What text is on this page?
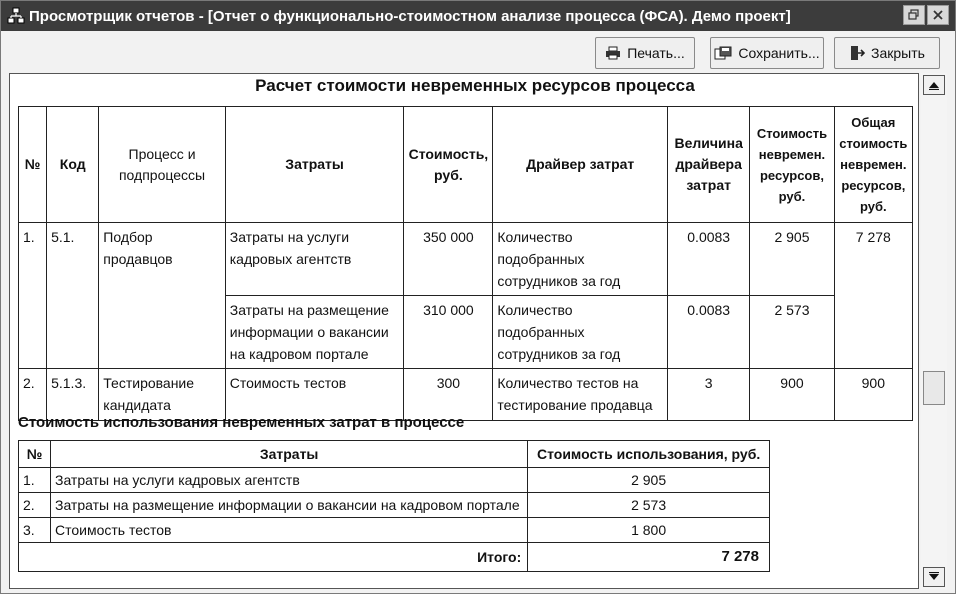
Просмотрщик отчетов - [Отчет о функционально-стоимостном анализе процесса (ФСА). Демо проект]
Печать...	Сохранить...	Закрыть
Расчет стоимости невременных ресурсов процесса
№	Код	Процесс и подпроцессы	Затраты	Стоимость, руб.	Драйвер затрат	Величина драйвера затрат	Стоимость невремен. ресурсов, руб.	Общая стоимость невремен. ресурсов, руб.
1.	5.1.	Подбор продавцов	Затраты на услуги кадровых агентств	350 000	Количество подобранных сотрудников за год	0.0083	2 905	7 278
			Затраты на размещение информации о вакансии на кадровом портале	310 000	Количество подобранных сотрудников за год	0.0083	2 573	
2.	5.1.3.	Тестирование кандидата	Стоимость тестов	300	Количество тестов на тестирование продавца	3	900	900
Стоимость использования невременных затрат в процессе
№	Затраты	Стоимость использования, руб.
1.	Затраты на услуги кадровых агентств	2 905
2.	Затраты на размещение информации о вакансии на кадровом портале	2 573
3.	Стоимость тестов	1 800
Итого:		7 278
